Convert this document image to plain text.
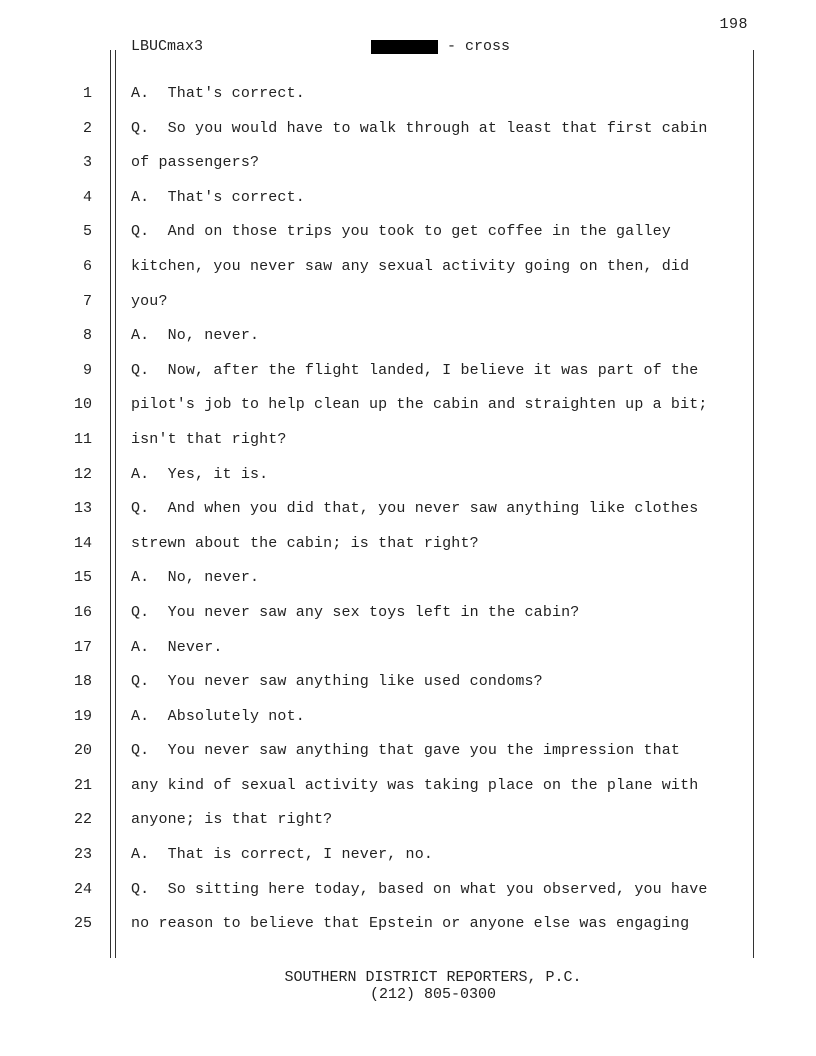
198
LBUCmax3	- cross
1	A.  That's correct.
2	Q.  So you would have to walk through at least that first cabin
3	of passengers?
4	A.  That's correct.
5	Q.  And on those trips you took to get coffee in the galley
6	kitchen, you never saw any sexual activity going on then, did
7	you?
8	A.  No, never.
9	Q.  Now, after the flight landed, I believe it was part of the
10	pilot's job to help clean up the cabin and straighten up a bit;
11	isn't that right?
12	A.  Yes, it is.
13	Q.  And when you did that, you never saw anything like clothes
14	strewn about the cabin; is that right?
15	A.  No, never.
16	Q.  You never saw any sex toys left in the cabin?
17	A.  Never.
18	Q.  You never saw anything like used condoms?
19	A.  Absolutely not.
20	Q.  You never saw anything that gave you the impression that
21	any kind of sexual activity was taking place on the plane with
22	anyone; is that right?
23	A.  That is correct, I never, no.
24	Q.  So sitting here today, based on what you observed, you have
25	no reason to believe that Epstein or anyone else was engaging
SOUTHERN DISTRICT REPORTERS, P.C.
(212) 805-0300
